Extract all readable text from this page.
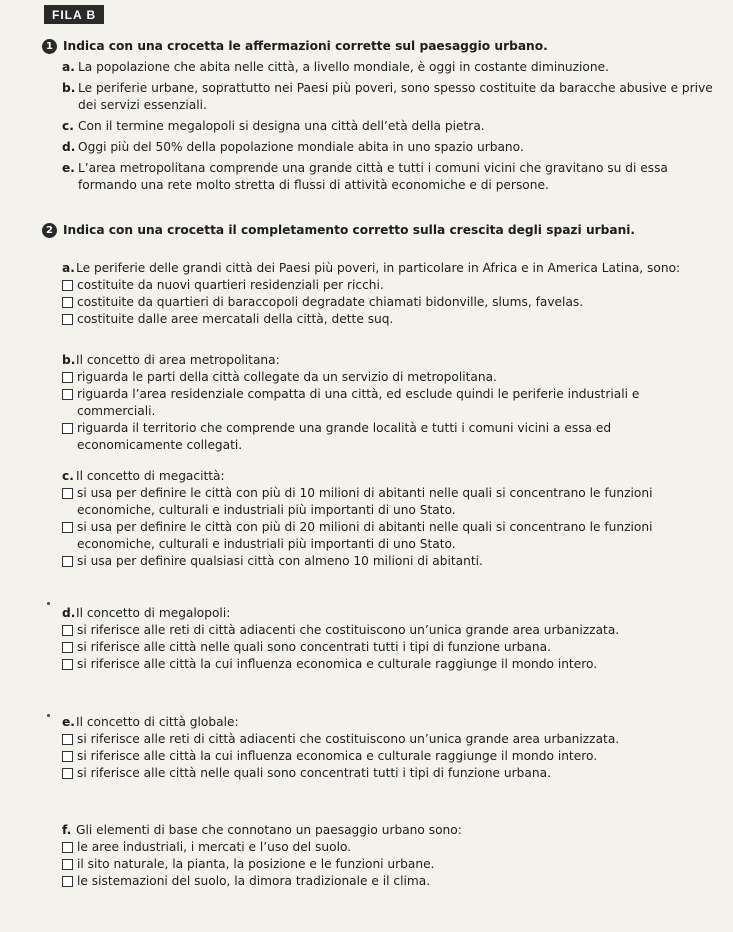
FILA B
1 Indica con una crocetta le affermazioni corrette sul paesaggio urbano.
a. La popolazione che abita nelle città, a livello mondiale, è oggi in costante diminuzione.
b. Le periferie urbane, soprattutto nei Paesi più poveri, sono spesso costituite da baracche abusive e prive dei servizi essenziali.
c. Con il termine megalopoli si designa una città dell’età della pietra.
d. Oggi più del 50% della popolazione mondiale abita in uno spazio urbano.
e. L’area metropolitana comprende una grande città e tutti i comuni vicini che gravitano su di essa formando una rete molto stretta di flussi di attività economiche e di persone.
2 Indica con una crocetta il completamento corretto sulla crescita degli spazi urbani.
a.Le periferie delle grandi città dei Paesi più poveri, in particolare in Africa e in America Latina, sono:
costituite da nuovi quartieri residenziali per ricchi.
costituite da quartieri di baraccopoli degradate chiamati bidonville, slums, favelas.
costituite dalle aree mercatali della città, dette suq.
b.Il concetto di area metropolitana:
riguarda le parti della città collegate da un servizio di metropolitana.
riguarda l’area residenziale compatta di una città, ed esclude quindi le periferie industriali e commerciali.
riguarda il territorio che comprende una grande località e tutti i comuni vicini a essa ed economicamente collegati.
c. Il concetto di megacittà:
si usa per definire le città con più di 10 milioni di abitanti nelle quali si concentrano le funzioni economiche, culturali e industriali più importanti di uno Stato.
si usa per definire le città con più di 20 milioni di abitanti nelle quali si concentrano le funzioni economiche, culturali e industriali più importanti di uno Stato.
si usa per definire qualsiasi città con almeno 10 milioni di abitanti.
d.Il concetto di megalopoli:
si riferisce alle reti di città adiacenti che costituiscono un’unica grande area urbanizzata.
si riferisce alle città nelle quali sono concentrati tutti i tipi di funzione urbana.
si riferisce alle città la cui influenza economica e culturale raggiunge il mondo intero.
e.Il concetto di città globale:
si riferisce alle reti di città adiacenti che costituiscono un’unica grande area urbanizzata.
si riferisce alle città la cui influenza economica e culturale raggiunge il mondo intero.
si riferisce alle città nelle quali sono concentrati tutti i tipi di funzione urbana.
f. Gli elementi di base che connotano un paesaggio urbano sono:
le aree industriali, i mercati e l’uso del suolo.
il sito naturale, la pianta, la posizione e le funzioni urbane.
le sistemazioni del suolo, la dimora tradizionale e il clima.
